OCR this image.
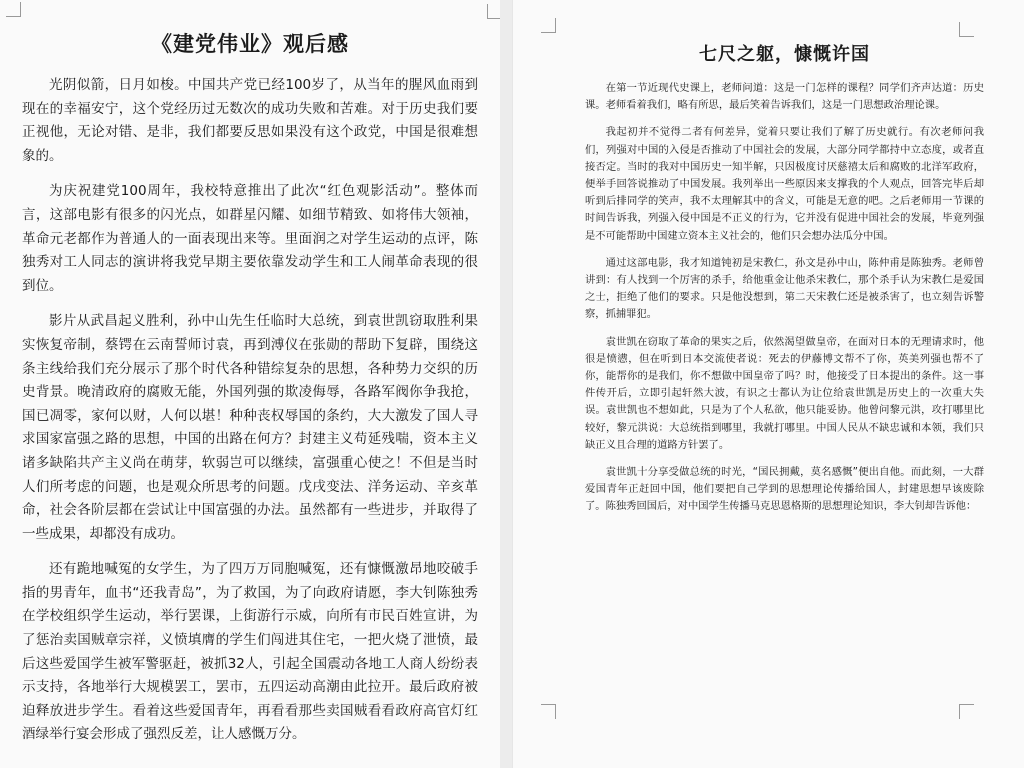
《建党伟业》观后感

光阴似箭，日月如梭。中国共产党已经100岁了，从当年的腥风血雨到现在的幸福安宁，这个党经历过无数次的成功失败和苦难。对于历史我们要正视他，无论对错、是非，我们都要反思如果没有这个政党，中国是很难想象的。

为庆祝建党100周年，我校特意推出了此次“红色观影活动”。整体而言，这部电影有很多的闪光点，如群星闪耀、如细节精致、如将伟大领袖，革命元老都作为普通人的一面表现出来等。里面润之对学生运动的点评，陈独秀对工人同志的演讲将我党早期主要依靠发动学生和工人闹革命表现的很到位。

影片从武昌起义胜利，孙中山先生任临时大总统，到袁世凯窃取胜利果实恢复帝制，蔡锷在云南誓师讨袁，再到溥仪在张勋的帮助下复辟，围绕这条主线给我们充分展示了那个时代各种错综复杂的思想，各种势力交织的历史背景。晚清政府的腐败无能，外国列强的欺凌侮辱，各路军阀你争我抢，国已凋零，家何以财，人何以堪！种种丧权辱国的条约，大大激发了国人寻求国家富强之路的思想，中国的出路在何方？封建主义苟延残喘，资本主义诸多缺陷共产主义尚在萌芽，软弱岂可以继续，富强重心使之！不但是当时人们所考虑的问题，也是观众所思考的问题。戊戌变法、洋务运动、辛亥革命，社会各阶层都在尝试让中国富强的办法。虽然都有一些进步，并取得了一些成果，却都没有成功。

还有跪地喊冤的女学生，为了四万万同胞喊冤，还有慷慨激昂地咬破手指的男青年，血书“还我青岛”，为了救国，为了向政府请愿，李大钊陈独秀在学校组织学生运动，举行罢课，上街游行示威，向所有市民百姓宣讲，为了惩治卖国贼章宗祥，义愤填膺的学生们闯进其住宅，一把火烧了泄愤，最后这些爱国学生被军警驱赶，被抓32人，引起全国震动各地工人商人纷纷表示支持，各地举行大规模罢工，罢市，五四运动高潮由此拉开。最后政府被迫释放进步学生。看着这些爱国青年，再看看那些卖国贼看看政府高官灯红酒绿举行宴会形成了强烈反差，让人感慨万分。

七尺之躯，慷慨许国

在第一节近现代史课上，老师问道：这是一门怎样的课程？同学们齐声达道：历史课。老师看着我们，略有所思，最后笑着告诉我们，这是一门思想政治理论课。

我起初并不觉得二者有何差异，觉着只要让我们了解了历史就行。有次老师问我们，列强对中国的入侵是否推动了中国社会的发展，大部分同学都持中立态度，或者直接否定。当时的我对中国历史一知半解，只因极度讨厌慈禧太后和腐败的北洋军政府，便举手回答说推动了中国发展。我列举出一些原因来支撑我的个人观点，回答完毕后却听到后排同学的笑声，我不太理解其中的含义，可能是无意的吧。之后老师用一节课的时间告诉我，列强入侵中国是不正义的行为，它并没有促进中国社会的发展，毕竟列强是不可能帮助中国建立资本主义社会的，他们只会想办法瓜分中国。

通过这部电影，我才知道钝初是宋教仁，孙文是孙中山，陈仲甫是陈独秀。老师曾讲到：有人找到一个厉害的杀手，给他重金让他杀宋教仁，那个杀手认为宋教仁是爱国之士，拒绝了他们的要求。只是他没想到，第二天宋教仁还是被杀害了，也立刻告诉警察，抓捕罪犯。

袁世凯在窃取了革命的果实之后，依然渴望做皇帝，在面对日本的无理请求时，他很是愤懑，但在听到日本交流使者说：死去的伊藤博文帮不了你，英美列强也帮不了你，能帮你的是我们，你不想做中国皇帝了吗？时，他接受了日本提出的条件。这一事件传开后，立即引起轩然大波，有识之士都认为让位给袁世凯是历史上的一次重大失误。袁世凯也不想如此，只是为了个人私欲，他只能妥协。他曾问黎元洪，攻打哪里比较好，黎元洪说：大总统指到哪里，我就打哪里。中国人民从不缺忠诚和本领，我们只缺正义且合理的道路方针罢了。

袁世凯十分享受做总统的时光，“国民拥戴，莫名感慨”便出自他。而此刻，一大群爱国青年正赶回中国，他们要把自己学到的思想理论传播给国人，封建思想早该废除了。陈独秀回国后，对中国学生传播马克思恩格斯的思想理论知识，李大钊却告诉他：
